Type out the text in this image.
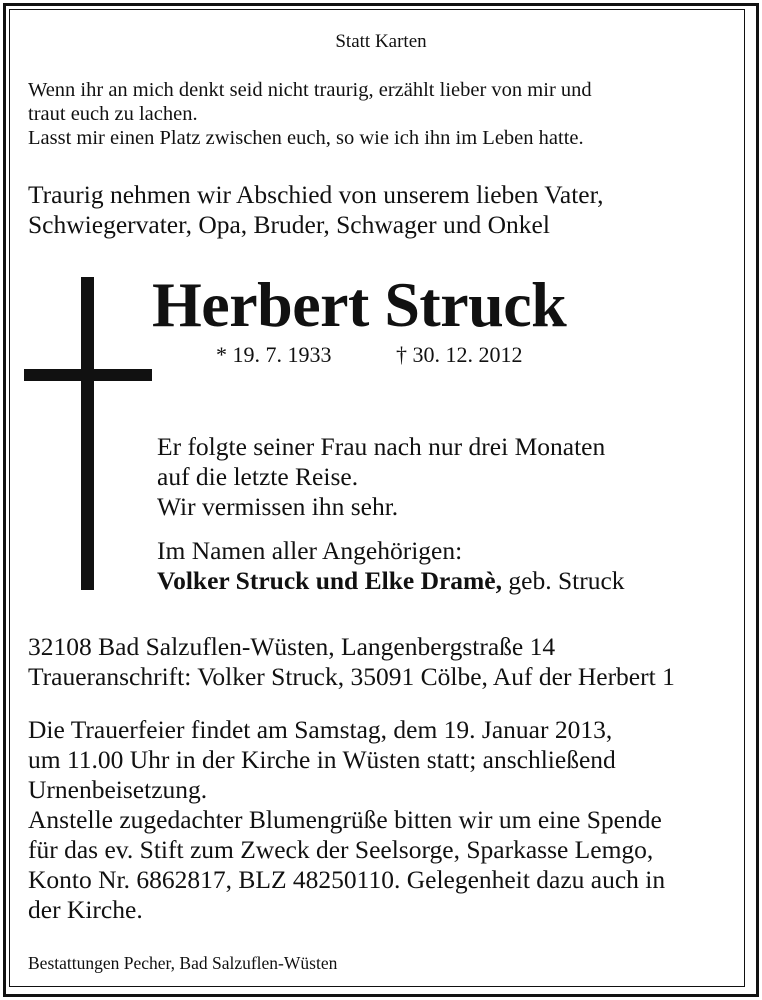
Statt Karten
Wenn ihr an mich denkt seid nicht traurig, erzählt lieber von mir und
traut euch zu lachen.
Lasst mir einen Platz zwischen euch, so wie ich ihn im Leben hatte.
Traurig nehmen wir Abschied von unserem lieben Vater,
Schwiegervater, Opa, Bruder, Schwager und Onkel
Herbert Struck
* 19. 7. 1933	† 30. 12. 2012
Er folgte seiner Frau nach nur drei Monaten
auf die letzte Reise.
Wir vermissen ihn sehr.
Im Namen aller Angehörigen:
Volker Struck und Elke Dramè, geb. Struck
32108 Bad Salzuflen-Wüsten, Langenbergstraße 14
Traueranschrift: Volker Struck, 35091 Cölbe, Auf der Herbert 1
Die Trauerfeier findet am Samstag, dem 19. Januar 2013,
um 11.00 Uhr in der Kirche in Wüsten statt; anschließend
Urnenbeisetzung.
Anstelle zugedachter Blumengrüße bitten wir um eine Spende
für das ev. Stift zum Zweck der Seelsorge, Sparkasse Lemgo,
Konto Nr. 6862817, BLZ 48250110. Gelegenheit dazu auch in
der Kirche.
Bestattungen Pecher, Bad Salzuflen-Wüsten
